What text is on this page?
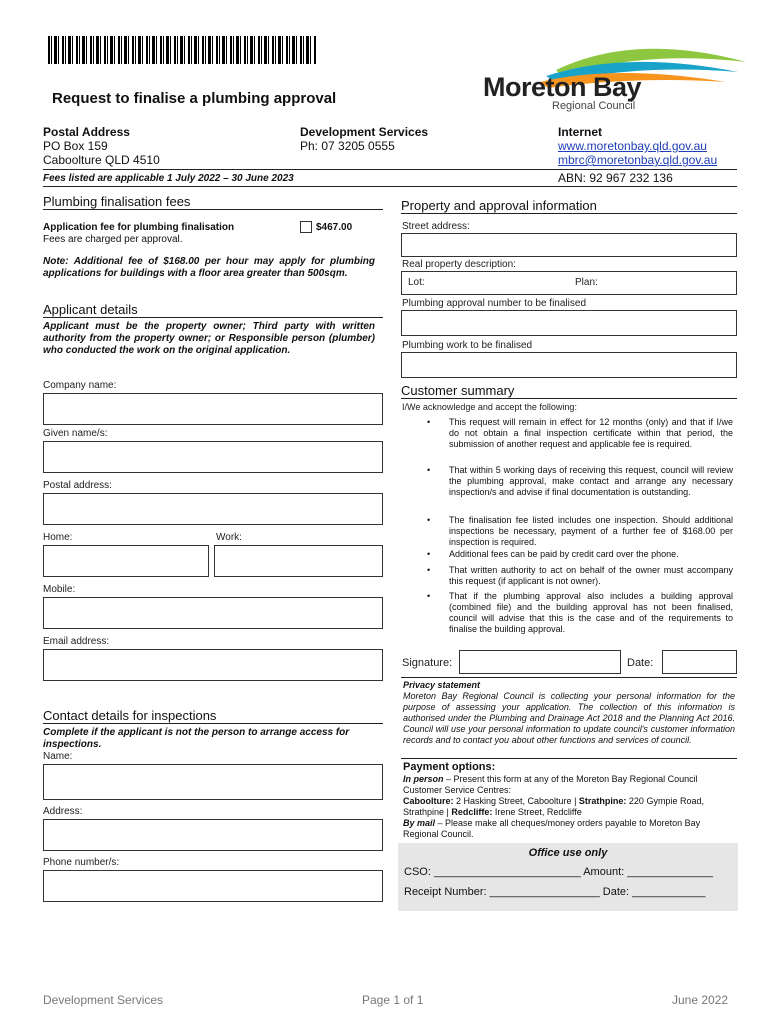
Moreton Bay
Regional Council
Request to finalise a plumbing approval
Postal Address
PO Box 159
Caboolture QLD 4510
Development Services
Ph: 07 3205 0555
Internet
www.moretonbay.qld.gov.au
mbrc@moretonbay.qld.gov.au
Fees listed are applicable 1 July 2022 – 30 June 2023	ABN: 92 967 232 136
Plumbing finalisation fees
Application fee for plumbing finalisation
Fees are charged per approval.
$467.00
Note: Additional fee of $168.00 per hour may apply for plumbing applications for buildings with a floor area greater than 500sqm.
Applicant details
Applicant must be the property owner; Third party with written authority from the property owner; or Responsible person (plumber) who conducted the work on the original application.
Company name:
Given name/s:
Postal address:
Home:	Work:
Mobile:
Email address:
Contact details for inspections
Complete if the applicant is not the person to arrange access for inspections.
Name:
Address:
Phone number/s:
Property and approval information
Street address:
Real property description:
Lot:	Plan:
Plumbing approval number to be finalised
Plumbing work to be finalised
Customer summary
I/We acknowledge and accept the following:
• This request will remain in effect for 12 months (only) and that if I/we do not obtain a final inspection certificate within that period, the submission of another request and applicable fee is required.
• That within 5 working days of receiving this request, council will review the plumbing approval, make contact and arrange any necessary inspection/s and advise if final documentation is outstanding.
• The finalisation fee listed includes one inspection. Should additional inspections be necessary, payment of a further fee of $168.00 per inspection is required.
• Additional fees can be paid by credit card over the phone.
• That written authority to act on behalf of the owner must accompany this request (if applicant is not owner).
• That if the plumbing approval also includes a building approval (combined file) and the building approval has not been finalised, council will advise that this is the case and of the requirements to finalise the building approval.
Signature:	Date:
Privacy statement
Moreton Bay Regional Council is collecting your personal information for the purpose of assessing your application. The collection of this information is authorised under the Plumbing and Drainage Act 2018 and the Planning Act 2016. Council will use your personal information to update council's customer information records and to contact you about other functions and services of council.
Payment options:
In person – Present this form at any of the Moreton Bay Regional Council Customer Service Centres:
Caboolture: 2 Hasking Street, Caboolture | Strathpine: 220 Gympie Road, Strathpine | Redcliffe: Irene Street, Redcliffe
By mail – Please make all cheques/money orders payable to Moreton Bay Regional Council.
Office use only
CSO: ________________________ Amount: ______________
Receipt Number: __________________ Date: ____________
Development Services	Page 1 of 1	June 2022
